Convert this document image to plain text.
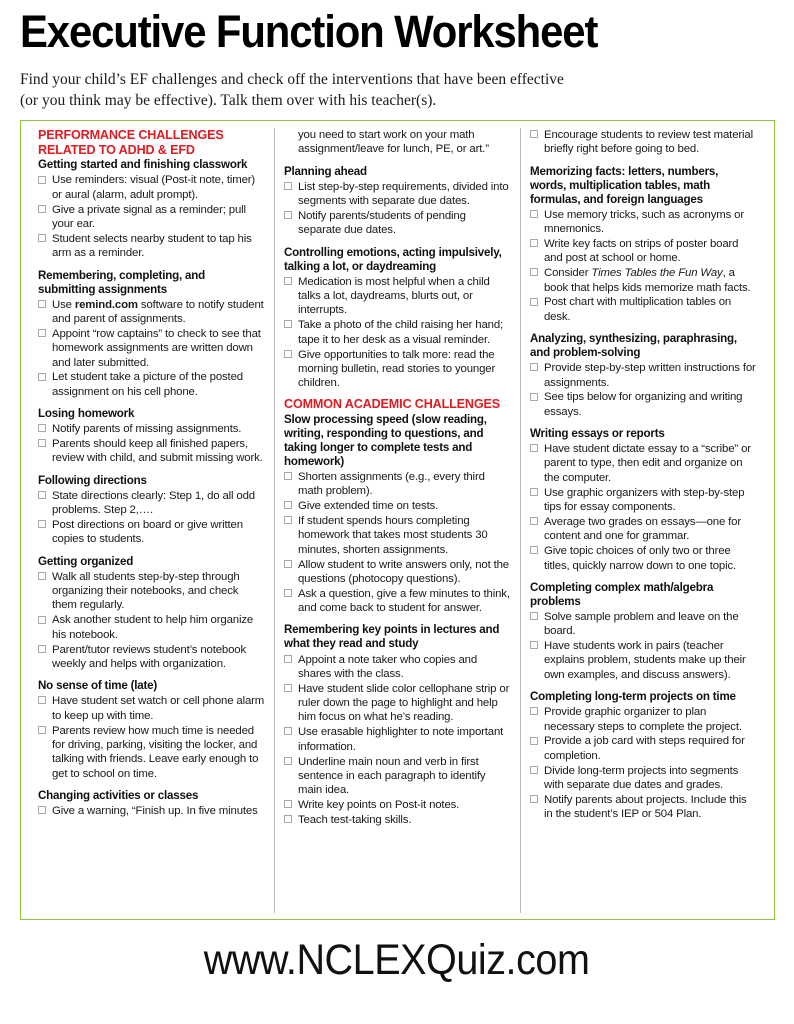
Executive Function Worksheet
Find your child’s EF challenges and check off the interventions that have been effective
(or you think may be effective). Talk them over with his teacher(s).
PERFORMANCE CHALLENGES
RELATED TO ADHD & EFD
Getting started and finishing classwork
Use reminders: visual (Post-it note, timer) or aural (alarm, adult prompt).
Give a private signal as a reminder; pull your ear.
Student selects nearby student to tap his arm as a reminder.
Remembering, completing, and submitting assignments
Use remind.com software to notify student and parent of assignments.
Appoint “row captains” to check to see that homework assignments are written down and later submitted.
Let student take a picture of the posted assignment on his cell phone.
Losing homework
Notify parents of missing assignments.
Parents should keep all finished papers, review with child, and submit missing work.
Following directions
State directions clearly: Step 1, do all odd problems. Step 2,….
Post directions on board or give written copies to students.
Getting organized
Walk all students step-by-step through organizing their notebooks, and check them regularly.
Ask another student to help him organize his notebook.
Parent/tutor reviews student’s notebook weekly and helps with organization.
No sense of time (late)
Have student set watch or cell phone alarm to keep up with time.
Parents review how much time is needed for driving, parking, visiting the locker, and talking with friends. Leave early enough to get to school on time.
Changing activities or classes
Give a warning, “Finish up. In five minutes
you need to start work on your math assignment/leave for lunch, PE, or art.”
Planning ahead
List step-by-step requirements, divided into segments with separate due dates.
Notify parents/students of pending separate due dates.
Controlling emotions, acting impulsively, talking a lot, or daydreaming
Medication is most helpful when a child talks a lot, daydreams, blurts out, or interrupts.
Take a photo of the child raising her hand; tape it to her desk as a visual reminder.
Give opportunities to talk more: read the morning bulletin, read stories to younger children.
COMMON ACADEMIC CHALLENGES
Slow processing speed (slow reading, writing, responding to questions, and taking longer to complete tests and homework)
Shorten assignments (e.g., every third math problem).
Give extended time on tests.
If student spends hours completing homework that takes most students 30 minutes, shorten assignments.
Allow student to write answers only, not the questions (photocopy questions).
Ask a question, give a few minutes to think, and come back to student for answer.
Remembering key points in lectures and what they read and study
Appoint a note taker who copies and shares with the class.
Have student slide color cellophane strip or ruler down the page to highlight and help him focus on what he’s reading.
Use erasable highlighter to note important information.
Underline main noun and verb in first sentence in each paragraph to identify main idea.
Write key points on Post-it notes.
Teach test-taking skills.
Encourage students to review test material briefly right before going to bed.
Memorizing facts: letters, numbers, words, multiplication tables, math formulas, and foreign languages
Use memory tricks, such as acronyms or mnemonics.
Write key facts on strips of poster board and post at school or home.
Consider Times Tables the Fun Way, a book that helps kids memorize math facts.
Post chart with multiplication tables on desk.
Analyzing, synthesizing, paraphrasing, and problem-solving
Provide step-by-step written instructions for assignments.
See tips below for organizing and writing essays.
Writing essays or reports
Have student dictate essay to a “scribe” or parent to type, then edit and organize on the computer.
Use graphic organizers with step-by-step tips for essay components.
Average two grades on essays—one for content and one for grammar.
Give topic choices of only two or three titles, quickly narrow down to one topic.
Completing complex math/algebra problems
Solve sample problem and leave on the board.
Have students work in pairs (teacher explains problem, students make up their own examples, and discuss answers).
Completing long-term projects on time
Provide graphic organizer to plan necessary steps to complete the project.
Provide a job card with steps required for completion.
Divide long-term projects into segments with separate due dates and grades.
Notify parents about projects. Include this in the student’s IEP or 504 Plan.
www.NCLEXQuiz.com
